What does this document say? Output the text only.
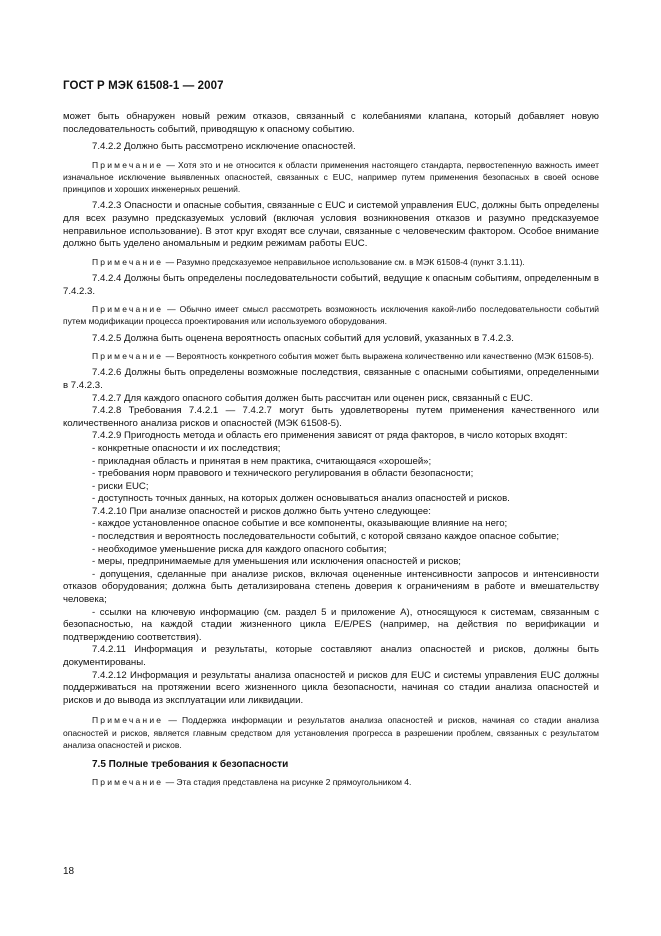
ГОСТ Р МЭК 61508-1 — 2007

может быть обнаружен новый режим отказов, связанный с колебаниями клапана, который добавляет новую последовательность событий, приводящую к опасному событию.

7.4.2.2 Должно быть рассмотрено исключение опасностей.

Примечание — Хотя это и не относится к области применения настоящего стандарта, первостепенную важность имеет изначальное исключение выявленных опасностей, связанных с EUC, например путем применения безопасных в своей основе принципов и хороших инженерных решений.

7.4.2.3 Опасности и опасные события, связанные с EUC и системой управления EUC, должны быть определены для всех разумно предсказуемых условий (включая условия возникновения отказов и разумно предсказуемое неправильное использование). В этот круг входят все случаи, связанные с человеческим фактором. Особое внимание должно быть уделено аномальным и редким режимам работы EUC.

Примечание — Разумно предсказуемое неправильное использование см. в МЭК 61508-4 (пункт 3.1.11).

7.4.2.4 Должны быть определены последовательности событий, ведущие к опасным событиям, определенным в 7.4.2.3.

Примечание — Обычно имеет смысл рассмотреть возможность исключения какой-либо последовательности событий путем модификации процесса проектирования или используемого оборудования.

7.4.2.5 Должна быть оценена вероятность опасных событий для условий, указанных в 7.4.2.3.

Примечание — Вероятность конкретного события может быть выражена количественно или качественно (МЭК 61508-5).

7.4.2.6 Должны быть определены возможные последствия, связанные с опасными событиями, определенными в 7.4.2.3.

7.4.2.7 Для каждого опасного события должен быть рассчитан или оценен риск, связанный с EUC.

7.4.2.8 Требования 7.4.2.1 — 7.4.2.7 могут быть удовлетворены путем применения качественного или количественного анализа рисков и опасностей (МЭК 61508-5).

7.4.2.9 Пригодность метода и область его применения зависят от ряда факторов, в число которых входят:

- конкретные опасности и их последствия;

- прикладная область и принятая в нем практика, считающаяся «хорошей»;

- требования норм правового и технического регулирования в области безопасности;

- риски EUC;

- доступность точных данных, на которых должен основываться анализ опасностей и рисков.

7.4.2.10 При анализе опасностей и рисков должно быть учтено следующее:

- каждое установленное опасное событие и все компоненты, оказывающие влияние на него;

- последствия и вероятность последовательности событий, с которой связано каждое опасное событие;

- необходимое уменьшение риска для каждого опасного события;

- меры, предпринимаемые для уменьшения или исключения опасностей и рисков;

- допущения, сделанные при анализе рисков, включая оцененные интенсивности запросов и интенсивности отказов оборудования; должна быть детализирована степень доверия к ограничениям в работе и вмешательству человека;

- ссылки на ключевую информацию (см. раздел 5 и приложение А), относящуюся к системам, связанным с безопасностью, на каждой стадии жизненного цикла Е/Е/PES (например, на действия по верификации и подтверждению соответствия).

7.4.2.11 Информация и результаты, которые составляют анализ опасностей и рисков, должны быть документированы.

7.4.2.12 Информация и результаты анализа опасностей и рисков для EUC и системы управления EUC должны поддерживаться на протяжении всего жизненного цикла безопасности, начиная со стадии анализа опасностей и рисков и до вывода из эксплуатации или ликвидации.

Примечание — Поддержка информации и результатов анализа опасностей и рисков, начиная со стадии анализа опасностей и рисков, является главным средством для установления прогресса в разрешении проблем, связанных с результатом анализа опасностей и рисков.

7.5 Полные требования к безопасности

Примечание — Эта стадия представлена на рисунке 2 прямоугольником 4.

18
